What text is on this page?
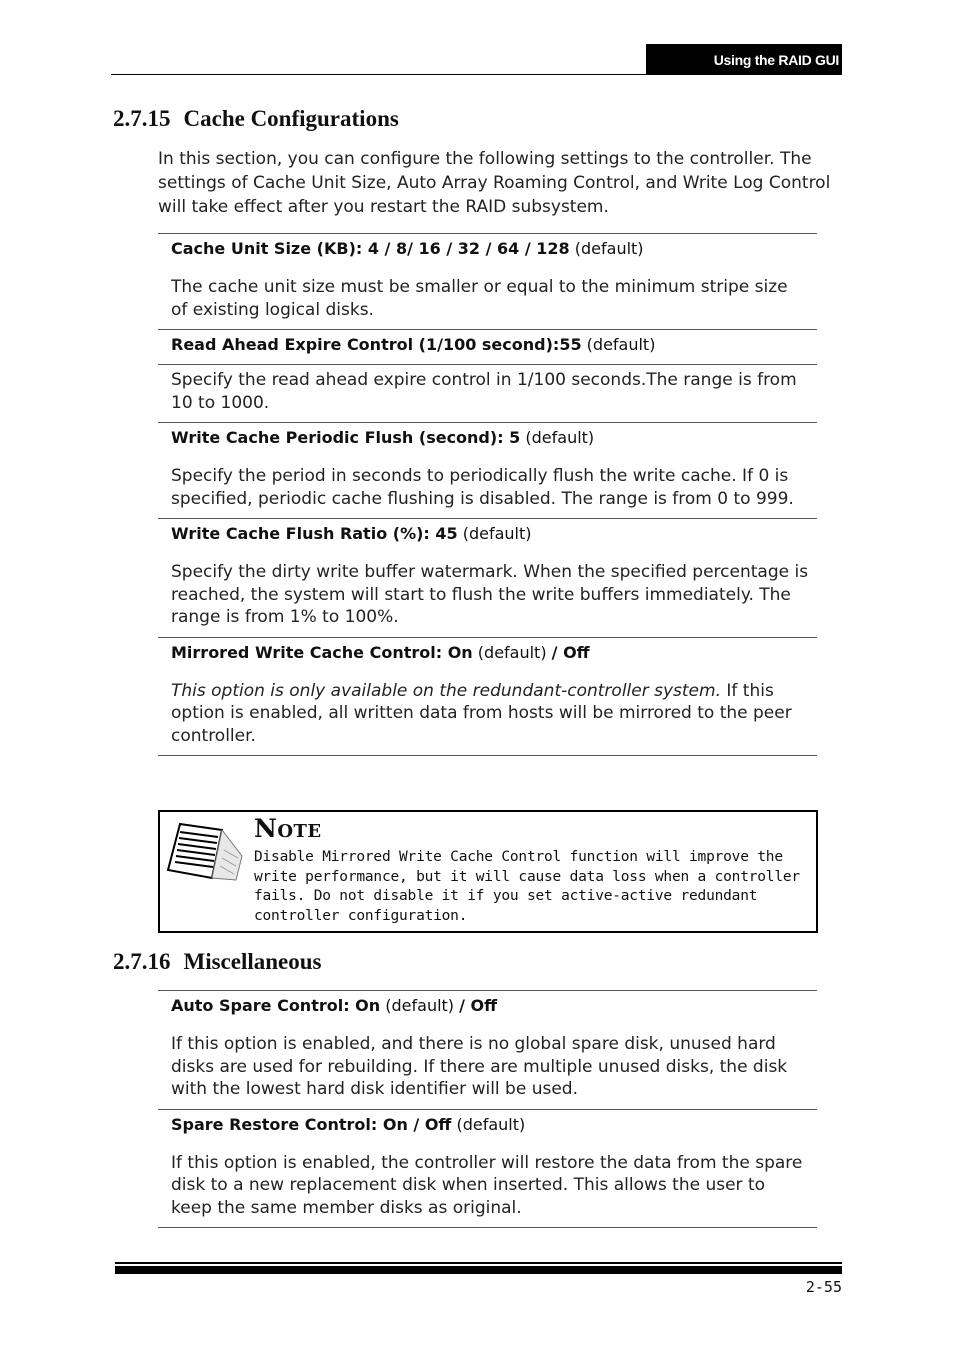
Using the RAID GUI
2.7.15 Cache Configurations
In this section, you can configure the following settings to the controller. The settings of Cache Unit Size, Auto Array Roaming Control, and Write Log Control will take effect after you restart the RAID subsystem.
Cache Unit Size (KB): 4 / 8/ 16 / 32 / 64 / 128 (default)
The cache unit size must be smaller or equal to the minimum stripe size of existing logical disks.
Read Ahead Expire Control (1/100 second):55 (default)
Specify the read ahead expire control in 1/100 seconds.The range is from 10 to 1000.
Write Cache Periodic Flush (second): 5 (default)
Specify the period in seconds to periodically flush the write cache. If 0 is specified, periodic cache flushing is disabled. The range is from 0 to 999.
Write Cache Flush Ratio (%): 45 (default)
Specify the dirty write buffer watermark. When the specified percentage is reached, the system will start to flush the write buffers immediately. The range is from 1% to 100%.
Mirrored Write Cache Control: On (default) / Off
This option is only available on the redundant-controller system. If this option is enabled, all written data from hosts will be mirrored to the peer controller.
Note
Disable Mirrored Write Cache Control function will improve the write performance, but it will cause data loss when a controller fails. Do not disable it if you set active-active redundant controller configuration.
2.7.16 Miscellaneous
Auto Spare Control: On (default) / Off
If this option is enabled, and there is no global spare disk, unused hard disks are used for rebuilding. If there are multiple unused disks, the disk with the lowest hard disk identifier will be used.
Spare Restore Control: On / Off (default)
If this option is enabled, the controller will restore the data from the spare disk to a new replacement disk when inserted. This allows the user to keep the same member disks as original.
2-55
